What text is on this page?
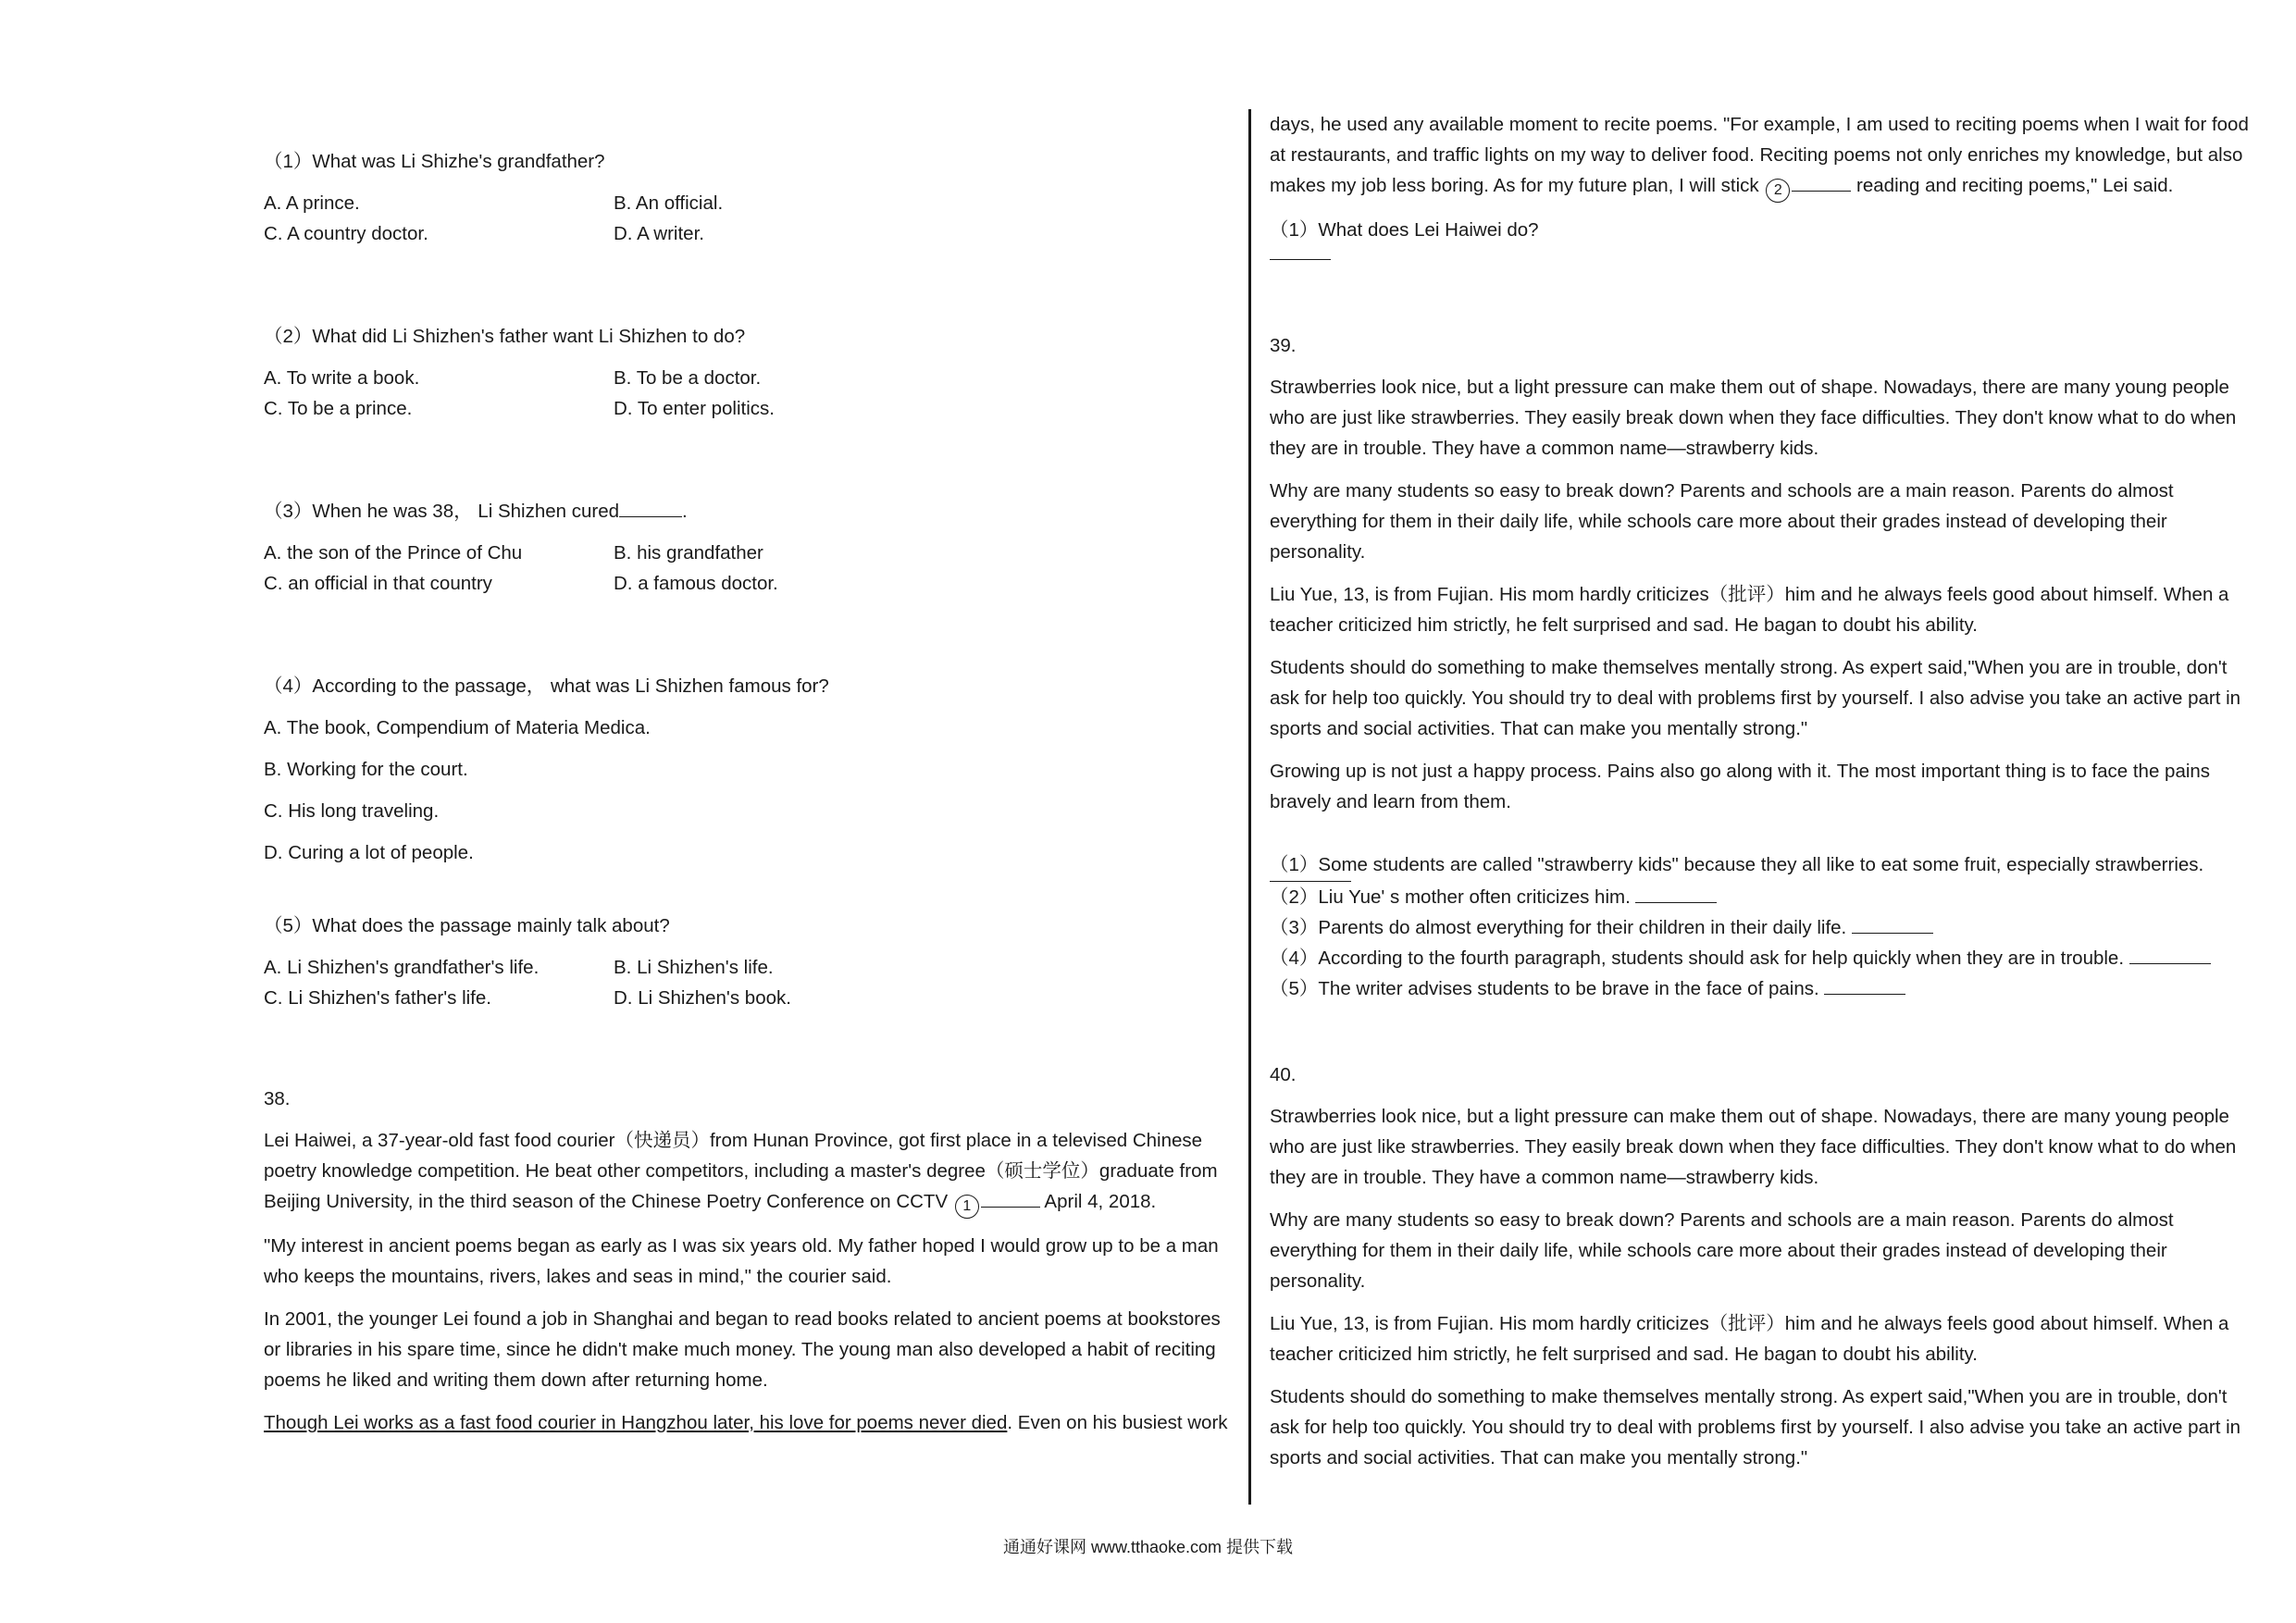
（1）What was Li Shizhe's grandfather?

A. A prince.	B. An official.

C. A country doctor.	D. A writer.

（2）What did Li Shizhen's father want Li Shizhen to do?

A. To write a book.	B. To be a doctor.

C. To be a prince.	D. To enter politics.

（3）When he was 38， Li Shizhen cured	.

A. the son of the Prince of Chu	B. his grandfather

C. an official in that country	D. a famous doctor.

（4）According to the passage， what was Li Shizhen famous for?

A. The book, Compendium of Materia Medica.

B. Working for the court.

C. His long traveling.

D. Curing a lot of people.

（5）What does the passage mainly talk about?

A. Li Shizhen's grandfather's life.	B. Li Shizhen's life.

C. Li Shizhen's father's life.	D. Li Shizhen's book.

38.

Lei Haiwei, a 37-year-old fast food courier（快递员）from Hunan Province, got first place in a televised Chinese poetry knowledge competition. He beat other competitors, including a master's degree（硕士学位）graduate from Beijing University, in the third season of the Chinese Poetry Conference on CCTV 1	April 4, 2018.

"My interest in ancient poems began as early as I was six years old. My father hoped I would grow up to be a man who keeps the mountains, rivers, lakes and seas in mind," the courier said.

In 2001, the younger Lei found a job in Shanghai and began to read books related to ancient poems at bookstores or libraries in his spare time, since he didn't make much money. The young man also developed a habit of reciting poems he liked and writing them down after returning home.

Though Lei works as a fast food courier in Hangzhou later, his love for poems never died. Even on his busiest work

days, he used any available moment to recite poems. "For example, I am used to reciting poems when I wait for food at restaurants, and traffic lights on my way to deliver food. Reciting poems not only enriches my knowledge, but also makes my job less boring. As for my future plan, I will stick 2	reading and reciting poems," Lei said.

（1）What does Lei Haiwei do?

39.

Strawberries look nice, but a light pressure can make them out of shape. Nowadays, there are many young people who are just like strawberries. They easily break down when they face difficulties. They don't know what to do when they are in trouble. They have a common name—strawberry kids.

Why are many students so easy to break down? Parents and schools are a main reason. Parents do almost everything for them in their daily life, while schools care more about their grades instead of developing their personality.

Liu Yue, 13, is from Fujian. His mom hardly criticizes（批评）him and he always feels good about himself. When a teacher criticized him strictly, he felt surprised and sad. He bagan to doubt his ability.

Students should do something to make themselves mentally strong. As expert said,"When you are in trouble, don't ask for help too quickly. You should try to deal with problems first by yourself. I also advise you take an active part in sports and social activities. That can make you mentally strong."

Growing up is not just a happy process. Pains also go along with it. The most important thing is to face the pains bravely and learn from them.

（1）Some students are called "strawberry kids" because they all like to eat some fruit, especially strawberries.

（2）Liu Yue' s mother often criticizes him.

（3）Parents do almost everything for their children in their daily life.

（4）According to the fourth paragraph, students should ask for help quickly when they are in trouble.

（5）The writer advises students to be brave in the face of pains.

40.

Strawberries look nice, but a light pressure can make them out of shape. Nowadays, there are many young people who are just like strawberries. They easily break down when they face difficulties. They don't know what to do when they are in trouble. They have a common name—strawberry kids.

Why are many students so easy to break down? Parents and schools are a main reason. Parents do almost everything for them in their daily life, while schools care more about their grades instead of developing their personality.

Liu Yue, 13, is from Fujian. His mom hardly criticizes（批评）him and he always feels good about himself. When a teacher criticized him strictly, he felt surprised and sad. He bagan to doubt his ability.

Students should do something to make themselves mentally strong. As expert said,"When you are in trouble, don't ask for help too quickly. You should try to deal with problems first by yourself. I also advise you take an active part in sports and social activities. That can make you mentally strong."

通通好课网 www.tthaoke.com 提供下载
